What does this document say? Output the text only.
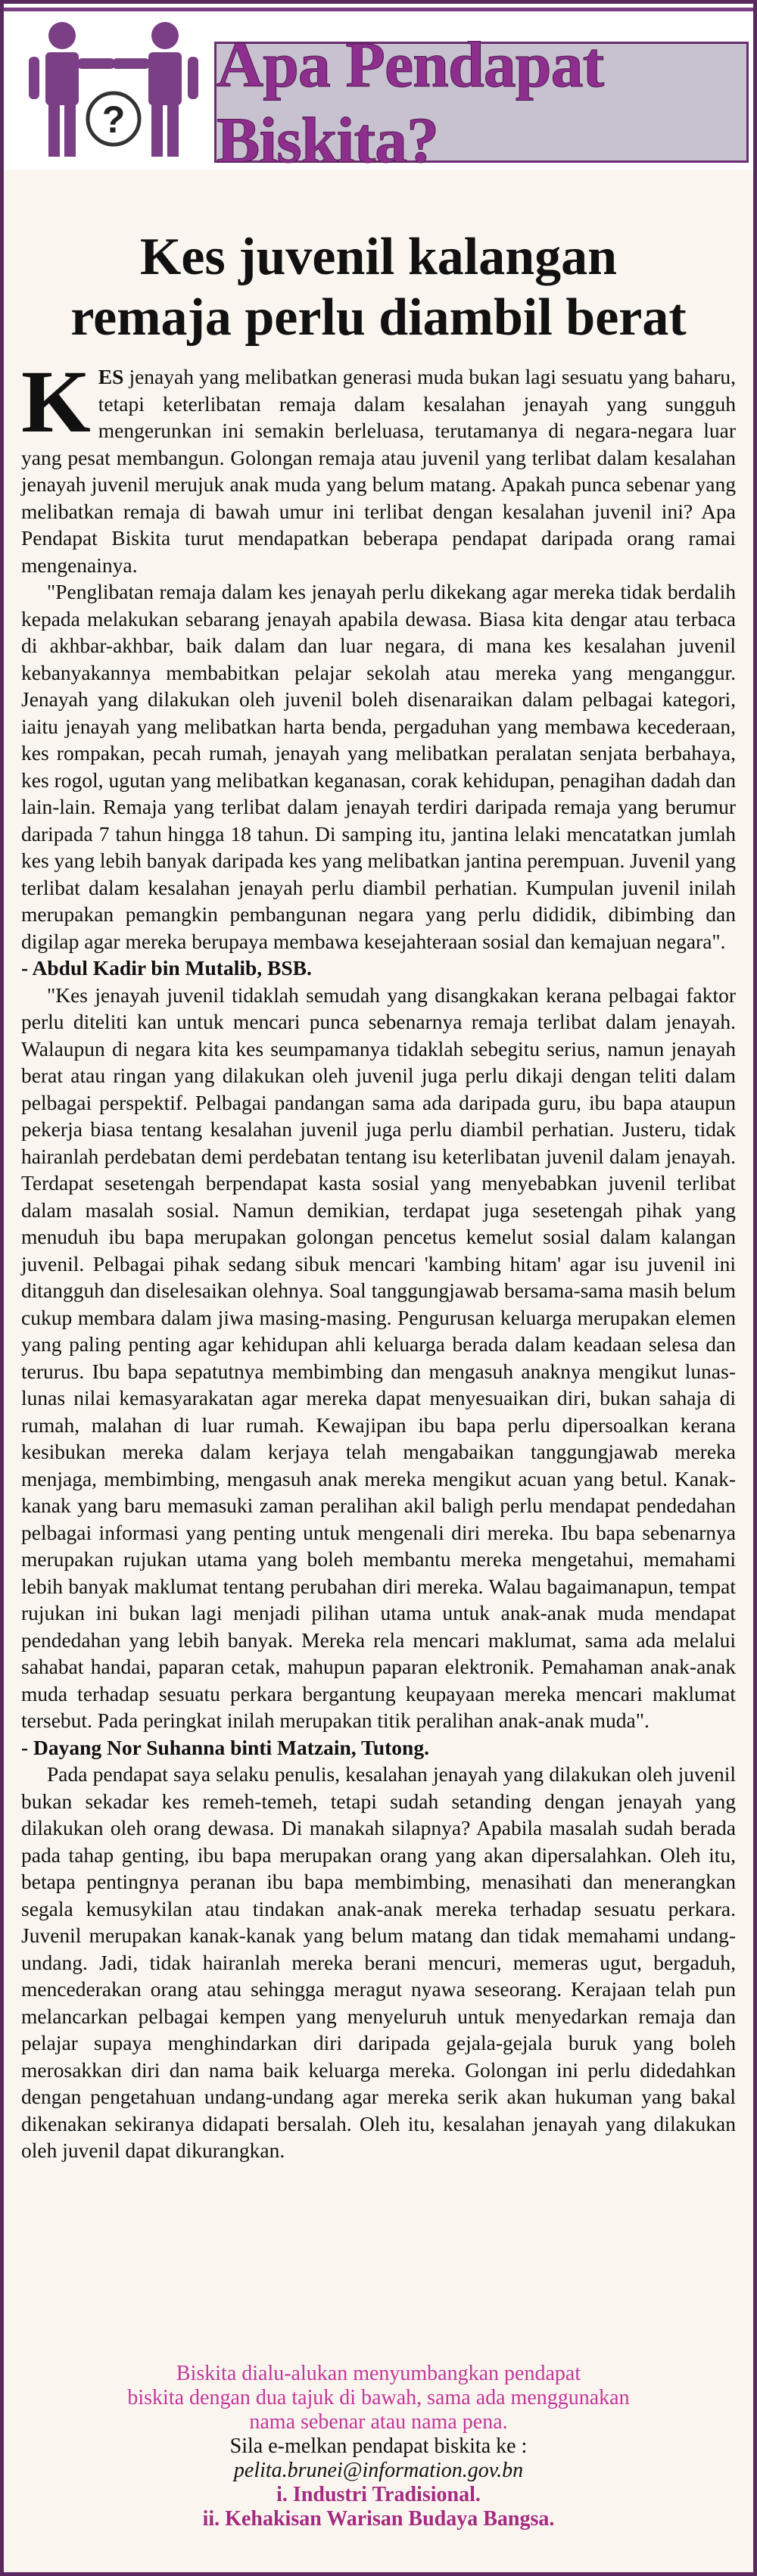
?
Apa Pendapat Biskita?
Kes juvenil kalangan
remaja perlu diambil berat

KES jenayah yang melibatkan generasi muda bukan lagi sesuatu yang baharu, tetapi keterlibatan remaja dalam kesalahan jenayah yang sungguh mengerunkan ini semakin berleluasa, terutamanya di negara-negara luar yang pesat membangun. Golongan remaja atau juvenil yang terlibat dalam kesalahan jenayah juvenil merujuk anak muda yang belum matang. Apakah punca sebenar yang melibatkan remaja di bawah umur ini terlibat dengan kesalahan juvenil ini? Apa Pendapat Biskita turut mendapatkan beberapa pendapat daripada orang ramai mengenainya.

"Penglibatan remaja dalam kes jenayah perlu dikekang agar mereka tidak berdalih kepada melakukan sebarang jenayah apabila dewasa. Biasa kita dengar atau terbaca di akhbar-akhbar, baik dalam dan luar negara, di mana kes kesalahan juvenil kebanyakannya membabitkan pelajar sekolah atau mereka yang menganggur. Jenayah yang dilakukan oleh juvenil boleh disenaraikan dalam pelbagai kategori, iaitu jenayah yang melibatkan harta benda, pergaduhan yang membawa kecederaan, kes rompakan, pecah rumah, jenayah yang melibatkan peralatan senjata berbahaya, kes rogol, ugutan yang melibatkan keganasan, corak kehidupan, penagihan dadah dan lain-lain. Remaja yang terlibat dalam jenayah terdiri daripada remaja yang berumur daripada 7 tahun hingga 18 tahun. Di samping itu, jantina lelaki mencatatkan jumlah kes yang lebih banyak daripada kes yang melibatkan jantina perempuan. Juvenil yang terlibat dalam kesalahan jenayah perlu diambil perhatian. Kumpulan juvenil inilah merupakan pemangkin pembangunan negara yang perlu dididik, dibimbing dan digilap agar mereka berupaya membawa kesejahteraan sosial dan kemajuan negara".

- Abdul Kadir bin Mutalib, BSB.

"Kes jenayah juvenil tidaklah semudah yang disangkakan kerana pelbagai faktor perlu diteliti kan untuk mencari punca sebenarnya remaja terlibat dalam jenayah. Walaupun di negara kita kes seumpamanya tidaklah sebegitu serius, namun jenayah berat atau ringan yang dilakukan oleh juvenil juga perlu dikaji dengan teliti dalam pelbagai perspektif. Pelbagai pandangan sama ada daripada guru, ibu bapa ataupun pekerja biasa tentang kesalahan juvenil juga perlu diambil perhatian. Justeru, tidak hairanlah perdebatan demi perdebatan tentang isu keterlibatan juvenil dalam jenayah. Terdapat sesetengah berpendapat kasta sosial yang menyebabkan juvenil terlibat dalam masalah sosial. Namun demikian, terdapat juga sesetengah pihak yang menuduh ibu bapa merupakan golongan pencetus kemelut sosial dalam kalangan juvenil. Pelbagai pihak sedang sibuk mencari 'kambing hitam' agar isu juvenil ini ditangguh dan diselesaikan olehnya. Soal tanggungjawab bersama-sama masih belum cukup membara dalam jiwa masing-masing. Pengurusan keluarga merupakan elemen yang paling penting agar kehidupan ahli keluarga berada dalam keadaan selesa dan terurus. Ibu bapa sepatutnya membimbing dan mengasuh anaknya mengikut lunas-lunas nilai kemasyarakatan agar mereka dapat menyesuaikan diri, bukan sahaja di rumah, malahan di luar rumah. Kewajipan ibu bapa perlu dipersoalkan kerana kesibukan mereka dalam kerjaya telah mengabaikan tanggungjawab mereka menjaga, membimbing, mengasuh anak mereka mengikut acuan yang betul. Kanak-kanak yang baru memasuki zaman peralihan akil baligh perlu mendapat pendedahan pelbagai informasi yang penting untuk mengenali diri mereka. Ibu bapa sebenarnya merupakan rujukan utama yang boleh membantu mereka mengetahui, memahami lebih banyak maklumat tentang perubahan diri mereka. Walau bagaimanapun, tempat rujukan ini bukan lagi menjadi pilihan utama untuk anak-anak muda mendapat pendedahan yang lebih banyak. Mereka rela mencari maklumat, sama ada melalui sahabat handai, paparan cetak, mahupun paparan elektronik. Pemahaman anak-anak muda terhadap sesuatu perkara bergantung keupayaan mereka mencari maklumat tersebut. Pada peringkat inilah merupakan titik peralihan anak-anak muda".

- Dayang Nor Suhanna binti Matzain, Tutong.

Pada pendapat saya selaku penulis, kesalahan jenayah yang dilakukan oleh juvenil bukan sekadar kes remeh-temeh, tetapi sudah setanding dengan jenayah yang dilakukan oleh orang dewasa. Di manakah silapnya? Apabila masalah sudah berada pada tahap genting, ibu bapa merupakan orang yang akan dipersalahkan. Oleh itu, betapa pentingnya peranan ibu bapa membimbing, menasihati dan menerangkan segala kemusykilan atau tindakan anak-anak mereka terhadap sesuatu perkara. Juvenil merupakan kanak-kanak yang belum matang dan tidak memahami undang-undang. Jadi, tidak hairanlah mereka berani mencuri, memeras ugut, bergaduh, mencederakan orang atau sehingga meragut nyawa seseorang. Kerajaan telah pun melancarkan pelbagai kempen yang menyeluruh untuk menyedarkan remaja dan pelajar supaya menghindarkan diri daripada gejala-gejala buruk yang boleh merosakkan diri dan nama baik keluarga mereka. Golongan ini perlu didedahkan dengan pengetahuan undang-undang agar mereka serik akan hukuman yang bakal dikenakan sekiranya didapati bersalah. Oleh itu, kesalahan jenayah yang dilakukan oleh juvenil dapat dikurangkan.

Biskita dialu-alukan menyumbangkan pendapat
biskita dengan dua tajuk di bawah, sama ada menggunakan
nama sebenar atau nama pena.
Sila e-melkan pendapat biskita ke :
pelita.brunei@information.gov.bn
i. Industri Tradisional.
ii. Kehakisan Warisan Budaya Bangsa.
